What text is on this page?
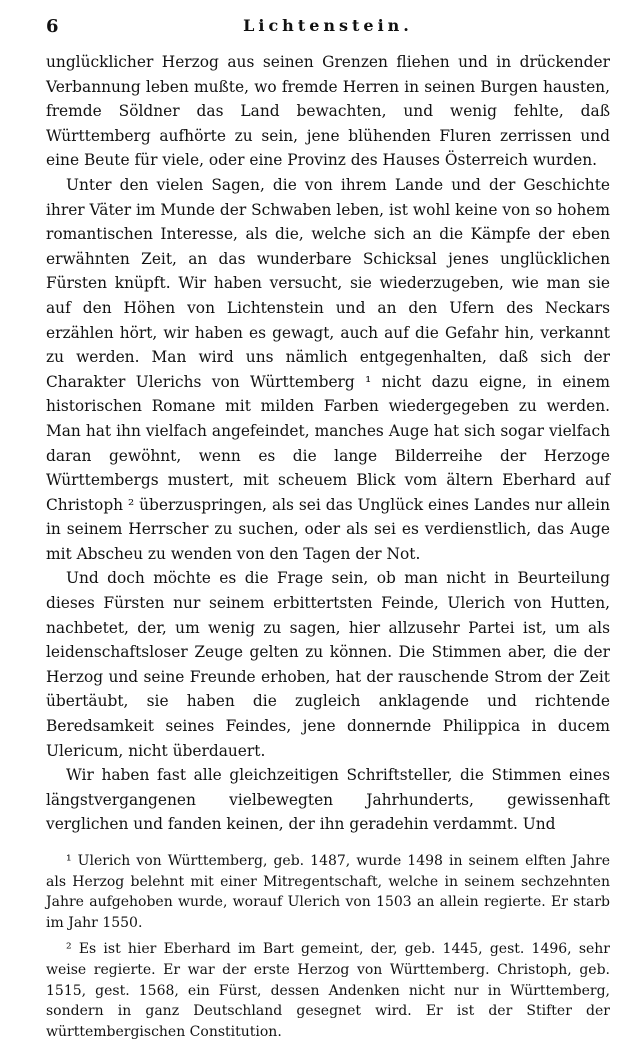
6	Lichtenstein.

unglücklicher Herzog aus seinen Grenzen fliehen und in drückender Verbannung leben mußte, wo fremde Herren in seinen Burgen hausten, fremde Söldner das Land bewachten, und wenig fehlte, daß Württemberg aufhörte zu sein, jene blühenden Fluren zerrissen und eine Beute für viele, oder eine Provinz des Hauses Österreich wurden.

Unter den vielen Sagen, die von ihrem Lande und der Geschichte ihrer Väter im Munde der Schwaben leben, ist wohl keine von so hohem romantischen Interesse, als die, welche sich an die Kämpfe der eben erwähnten Zeit, an das wunderbare Schicksal jenes unglücklichen Fürsten knüpft. Wir haben versucht, sie wiederzugeben, wie man sie auf den Höhen von Lichtenstein und an den Ufern des Neckars erzählen hört, wir haben es gewagt, auch auf die Gefahr hin, verkannt zu werden. Man wird uns nämlich entgegenhalten, daß sich der Charakter Ulerichs von Württemberg ¹ nicht dazu eigne, in einem historischen Romane mit milden Farben wiedergegeben zu werden. Man hat ihn vielfach angefeindet, manches Auge hat sich sogar vielfach daran gewöhnt, wenn es die lange Bilderreihe der Herzoge Württembergs mustert, mit scheuem Blick vom ältern Eberhard auf Christoph ² überzuspringen, als sei das Unglück eines Landes nur allein in seinem Herrscher zu suchen, oder als sei es verdienstlich, das Auge mit Abscheu zu wenden von den Tagen der Not.

Und doch möchte es die Frage sein, ob man nicht in Beurteilung dieses Fürsten nur seinem erbittertsten Feinde, Ulerich von Hutten, nachbetet, der, um wenig zu sagen, hier allzusehr Partei ist, um als leidenschaftsloser Zeuge gelten zu können. Die Stimmen aber, die der Herzog und seine Freunde erhoben, hat der rauschende Strom der Zeit übertäubt, sie haben die zugleich anklagende und richtende Beredsamkeit seines Feindes, jene donnernde Philippica in ducem Ulericum, nicht überdauert.

Wir haben fast alle gleichzeitigen Schriftsteller, die Stimmen eines längstvergangenen vielbewegten Jahrhunderts, gewissenhaft verglichen und fanden keinen, der ihn geradehin verdammt. Und

¹ Ulerich von Württemberg, geb. 1487, wurde 1498 in seinem elften Jahre als Herzog belehnt mit einer Mitregentschaft, welche in seinem sechzehnten Jahre aufgehoben wurde, worauf Ulerich von 1503 an allein regierte. Er starb im Jahr 1550.

² Es ist hier Eberhard im Bart gemeint, der, geb. 1445, gest. 1496, sehr weise regierte. Er war der erste Herzog von Württemberg. Christoph, geb. 1515, gest. 1568, ein Fürst, dessen Andenken nicht nur in Württemberg, sondern in ganz Deutschland gesegnet wird. Er ist der Stifter der württembergischen Constitution.
